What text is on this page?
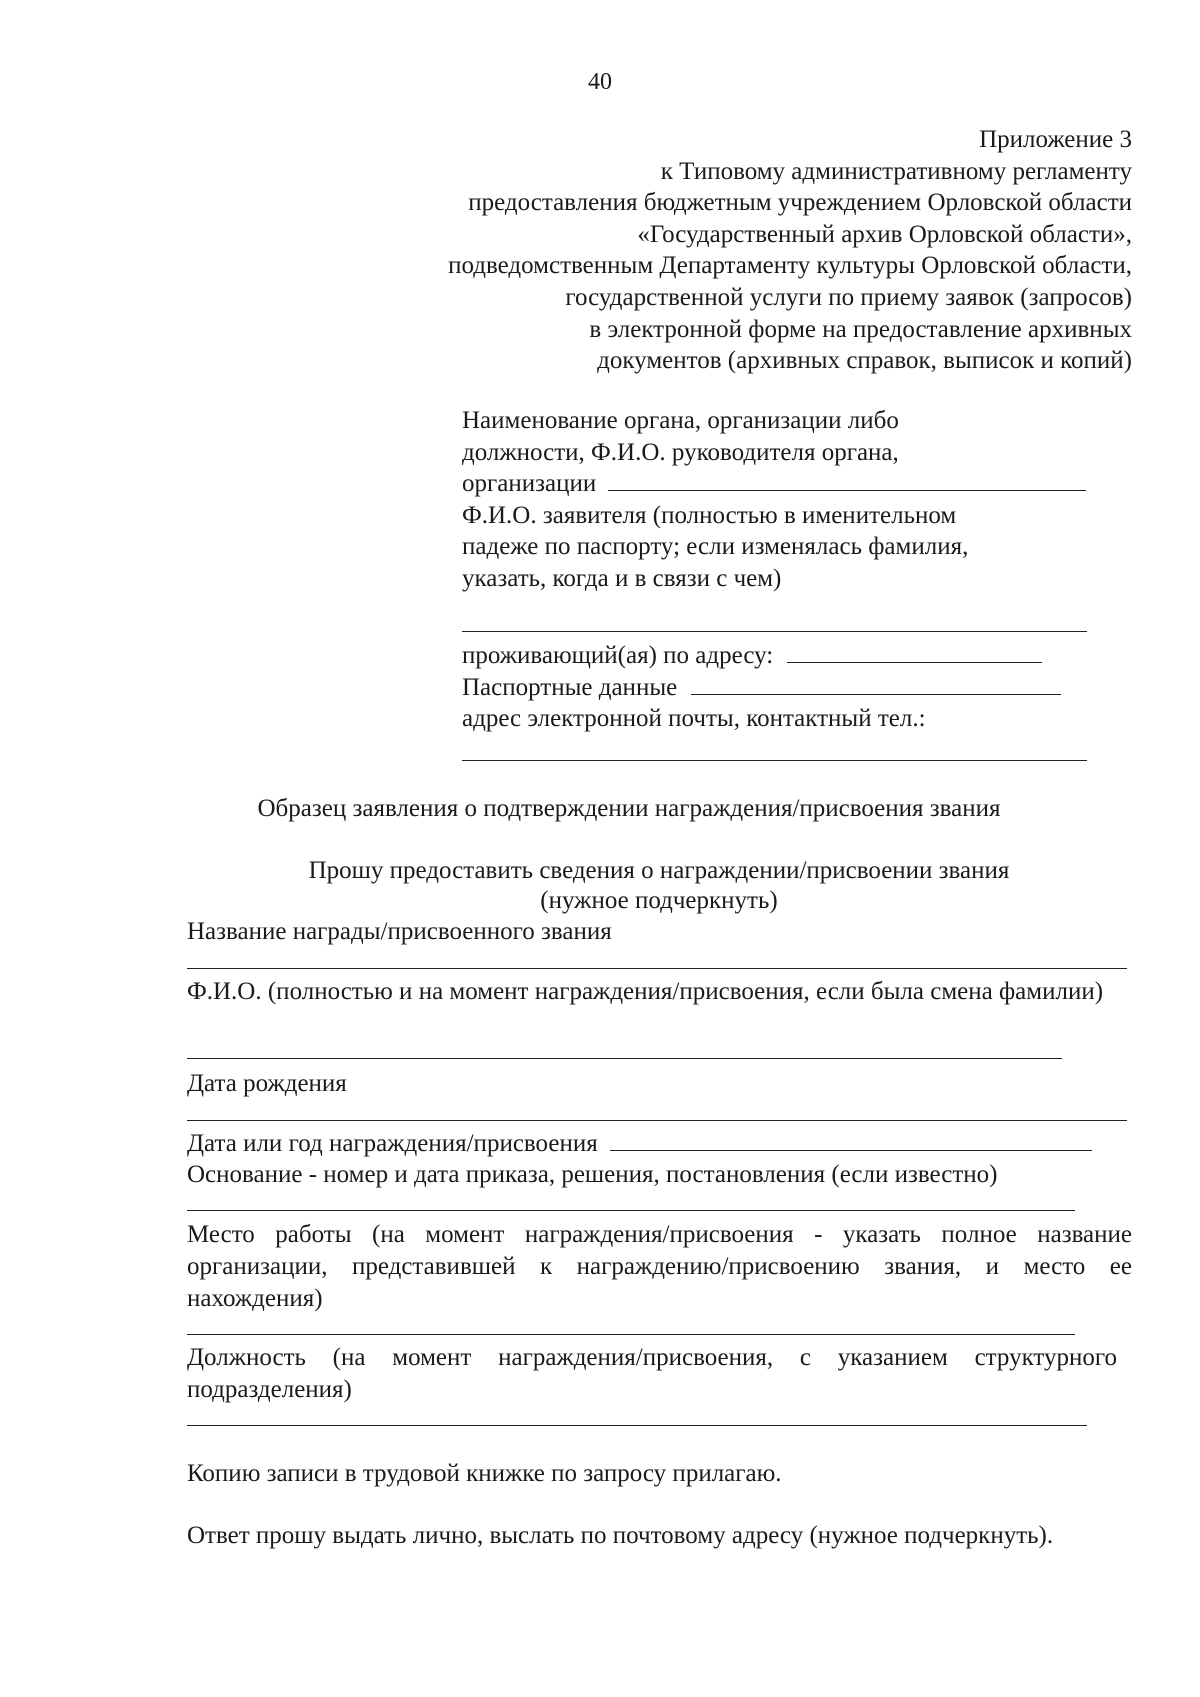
40
Приложение 3
к Типовому административному регламенту
предоставления бюджетным учреждением Орловской области
«Государственный архив Орловской области»,
подведомственным Департаменту культуры Орловской области,
государственной услуги по приему заявок (запросов)
в электронной форме на предоставление архивных
документов (архивных справок, выписок и копий)
Наименование органа, организации либо
должности, Ф.И.О. руководителя органа,
организации
Ф.И.О. заявителя (полностью в именительном
падеже по паспорту; если изменялась фамилия,
указать, когда и в связи с чем)
проживающий(ая) по адресу:
Паспортные данные
адрес электронной почты, контактный тел.:
Образец заявления о подтверждении награждения/присвоения звания
Прошу предоставить сведения о награждении/присвоении звания
(нужное подчеркнуть)
Название награды/присвоенного звания
Ф.И.О. (полностью и на момент награждения/присвоения, если была смена фамилии)
Дата рождения
Дата или год награждения/присвоения
Основание - номер и дата приказа, решения, постановления (если известно)
Место работы (на момент награждения/присвоения - указать полное название организации, представившей к награждению/присвоению звания, и место ее нахождения)
Должность (на момент награждения/присвоения, с указанием структурного подразделения)
Копию записи в трудовой книжке по запросу прилагаю.
Ответ прошу выдать лично, выслать по почтовому адресу (нужное подчеркнуть).
